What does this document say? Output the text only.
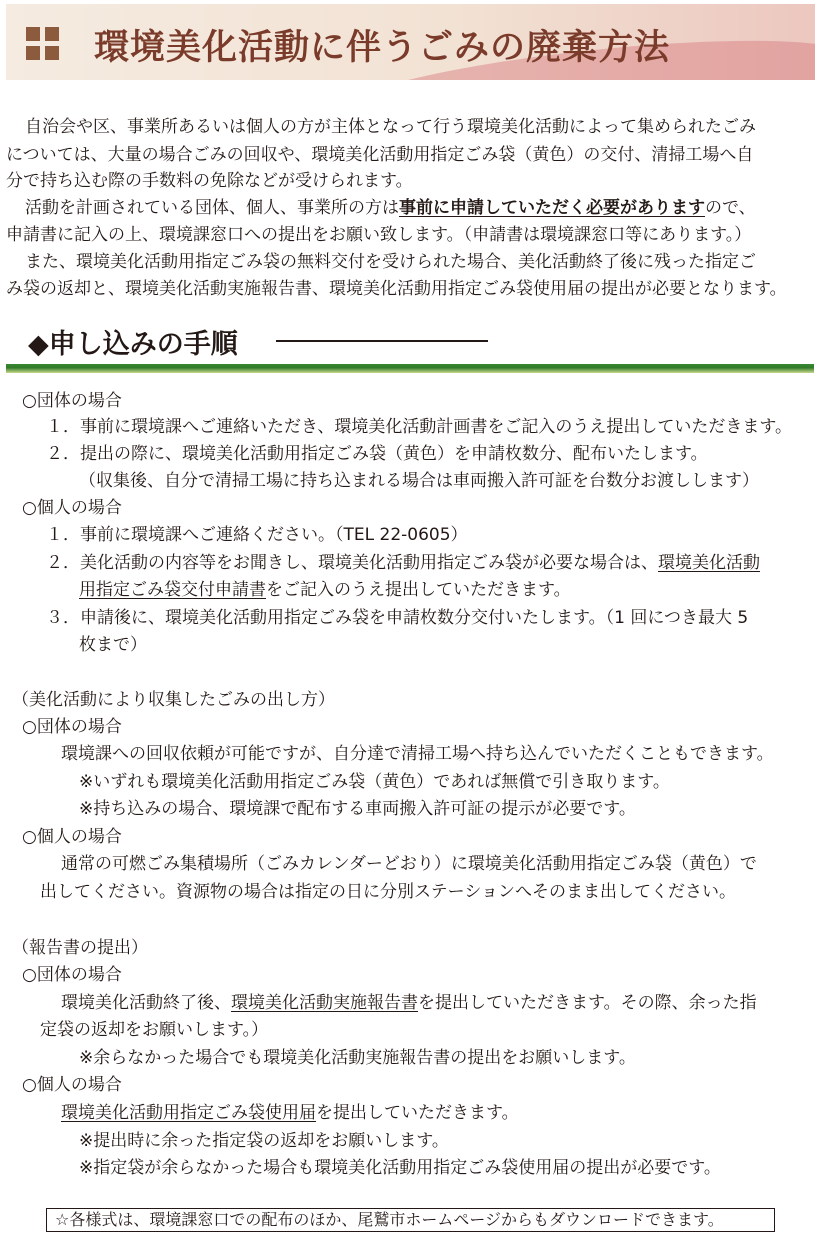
環境美化活動に伴うごみの廃棄方法
自治会や区、事業所あるいは個人の方が主体となって行う環境美化活動によって集められたごみ
については、大量の場合ごみの回収や、環境美化活動用指定ごみ袋（黄色）の交付、清掃工場へ自
分で持ち込む際の手数料の免除などが受けられます。
活動を計画されている団体、個人、事業所の方は事前に申請していただく必要がありますので、
申請書に記入の上、環境課窓口への提出をお願い致します。（申請書は環境課窓口等にあります。）
また、環境美化活動用指定ごみ袋の無料交付を受けられた場合、美化活動終了後に残った指定ご
み袋の返却と、環境美化活動実施報告書、環境美化活動用指定ごみ袋使用届の提出が必要となります。
◆申し込みの手順
○団体の場合
１．事前に環境課へご連絡いただき、環境美化活動計画書をご記入のうえ提出していただきます。
２．提出の際に、環境美化活動用指定ごみ袋（黄色）を申請枚数分、配布いたします。
（収集後、自分で清掃工場に持ち込まれる場合は車両搬入許可証を台数分お渡しします）
○個人の場合
１．事前に環境課へご連絡ください。（TEL 22-0605）
２．美化活動の内容等をお聞きし、環境美化活動用指定ごみ袋が必要な場合は、環境美化活動
用指定ごみ袋交付申請書をご記入のうえ提出していただきます。
３．申請後に、環境美化活動用指定ごみ袋を申請枚数分交付いたします。（1 回につき最大 5
枚まで）
（美化活動により収集したごみの出し方）
○団体の場合
環境課への回収依頼が可能ですが、自分達で清掃工場へ持ち込んでいただくこともできます。
※いずれも環境美化活動用指定ごみ袋（黄色）であれば無償で引き取ります。
※持ち込みの場合、環境課で配布する車両搬入許可証の提示が必要です。
○個人の場合
通常の可燃ごみ集積場所（ごみカレンダーどおり）に環境美化活動用指定ごみ袋（黄色）で
出してください。資源物の場合は指定の日に分別ステーションへそのまま出してください。
（報告書の提出）
○団体の場合
環境美化活動終了後、環境美化活動実施報告書を提出していただきます。その際、余った指
定袋の返却をお願いします。）
※余らなかった場合でも環境美化活動実施報告書の提出をお願いします。
○個人の場合
環境美化活動用指定ごみ袋使用届を提出していただきます。
※提出時に余った指定袋の返却をお願いします。
※指定袋が余らなかった場合も環境美化活動用指定ごみ袋使用届の提出が必要です。
☆各様式は、環境課窓口での配布のほか、尾鷲市ホームページからもダウンロードできます。
